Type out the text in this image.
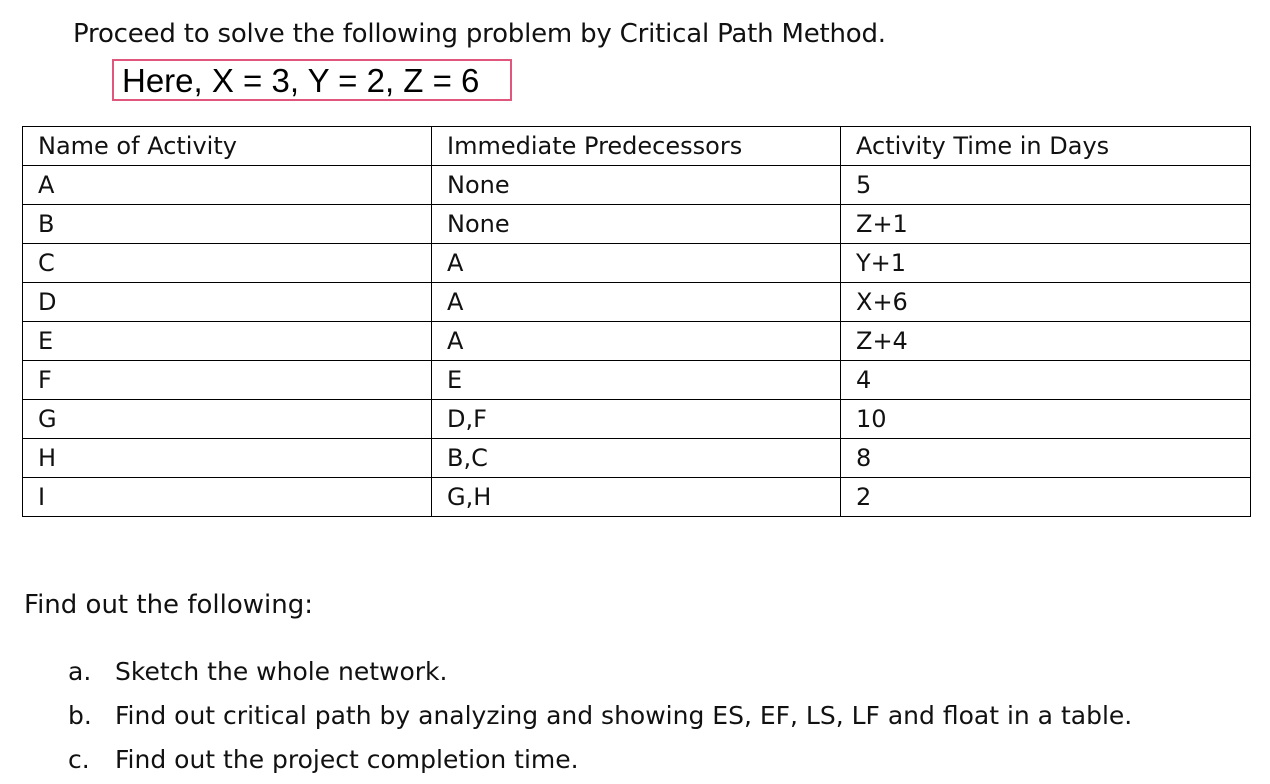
Proceed to solve the following problem by Critical Path Method.
Here, X = 3, Y = 2, Z = 6
Name of Activity	Immediate Predecessors	Activity Time in Days
A	None	5
B	None	Z+1
C	A	Y+1
D	A	X+6
E	A	Z+4
F	E	4
G	D,F	10
H	B,C	8
I	G,H	2
Find out the following:
a. Sketch the whole network.
b. Find out critical path by analyzing and showing ES, EF, LS, LF and float in a table.
c. Find out the project completion time.
